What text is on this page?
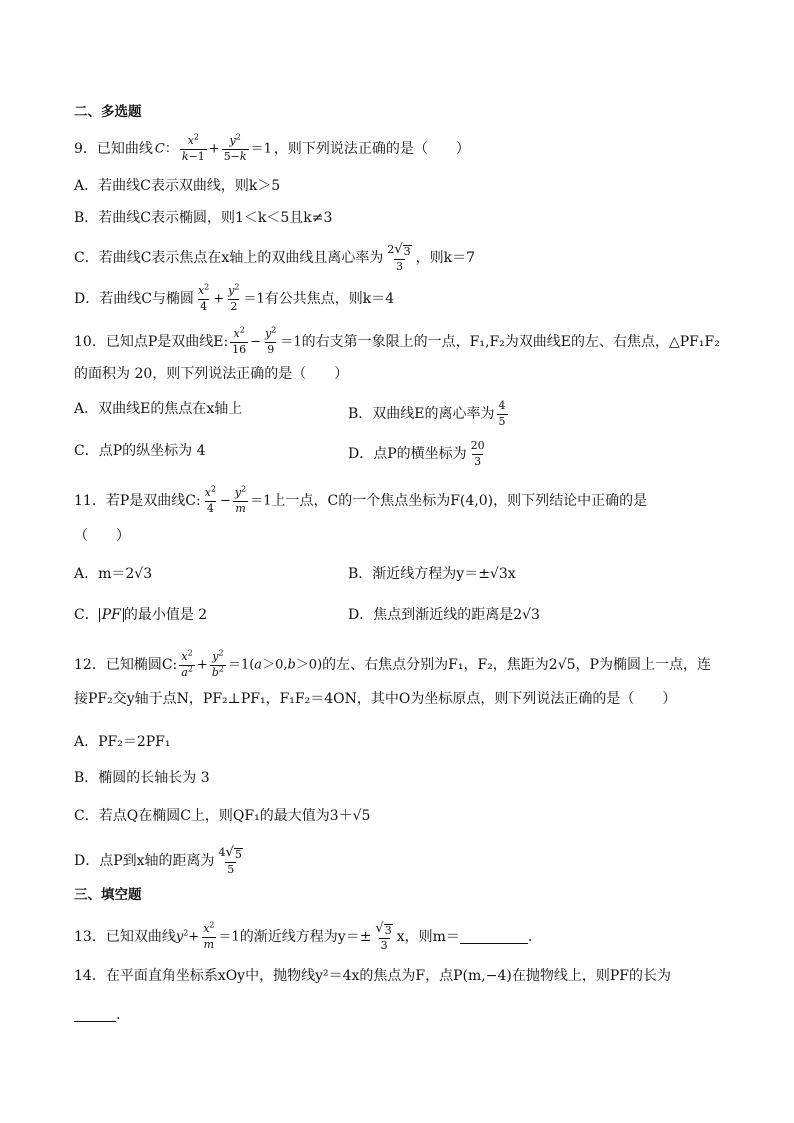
二、多选题
9．已知曲线 C： $\frac{x^2}{k-1} + \frac{y^2}{5-k} =1$ ，则下列说法正确的是（　　）
A．若曲线C表示双曲线，则k＞5
B．若曲线C表示椭圆，则1＜k＜5且k≠3
C．若曲线C表示焦点在x轴上的双曲线且离心率为 $\frac{2 √ 3}{3}$ ，则k＝7
D．若曲线C与椭圆 $\frac{x^2}{4} + \frac{y^2}{2} =1$ 有公共焦点，则k＝4
10．已知点P是双曲线E: $\frac{x^2}{16} - \frac{y^2}{9} =1$ 的右支第一象限上的一点，F₁,F₂为双曲线E的左、右焦点，△PF₁F₂
的面积为 20，则下列说法正确的是（　　）
A．双曲线E的焦点在x轴上	B．双曲线E的离心率为 $\frac{4}{5}$
C．点P的纵坐标为 4	D．点P的横坐标为 $\frac{20}{3}$
11．若P是双曲线C: $\frac{x^2}{4} - \frac{y^2}{m} =1$ 上一点，C的一个焦点坐标为F(4,0)，则下列结论中正确的是
（　　）
A．m＝2√3	B．渐近线方程为y＝±√3x
C． PF 的最小值是 2	D．焦点到渐近线的距离是2√3
12．已知椭圆C: $\frac{x^2}{a^2} + \frac{y^2}{b^2} =1(a>0,b>0)$ 的左、右焦点分别为F₁，F₂，焦距为2√5，P为椭圆上一点，连
接PF₂交y轴于点N，PF₂⊥PF₁，F₁F₂＝4ON，其中O为坐标原点，则下列说法正确的是（　　）
A．PF₂＝2PF₁
B．椭圆的长轴长为 3
C．若点Q在椭圆C上，则QF₁的最大值为3＋√5
D．点P到x轴的距离为 $\frac{4 √ 5}{5}$
三、填空题
13．已知双曲线 $y^2+ \frac{x^2}{m} =1$ 的渐近线方程为$y=\pm \frac{√ 3}{3}$ x，则m＝	.
14．在平面直角坐标系xOy中，抛物线y²＝4x的焦点为F，点P(m,−4)在抛物线上，则PF的长为
.
